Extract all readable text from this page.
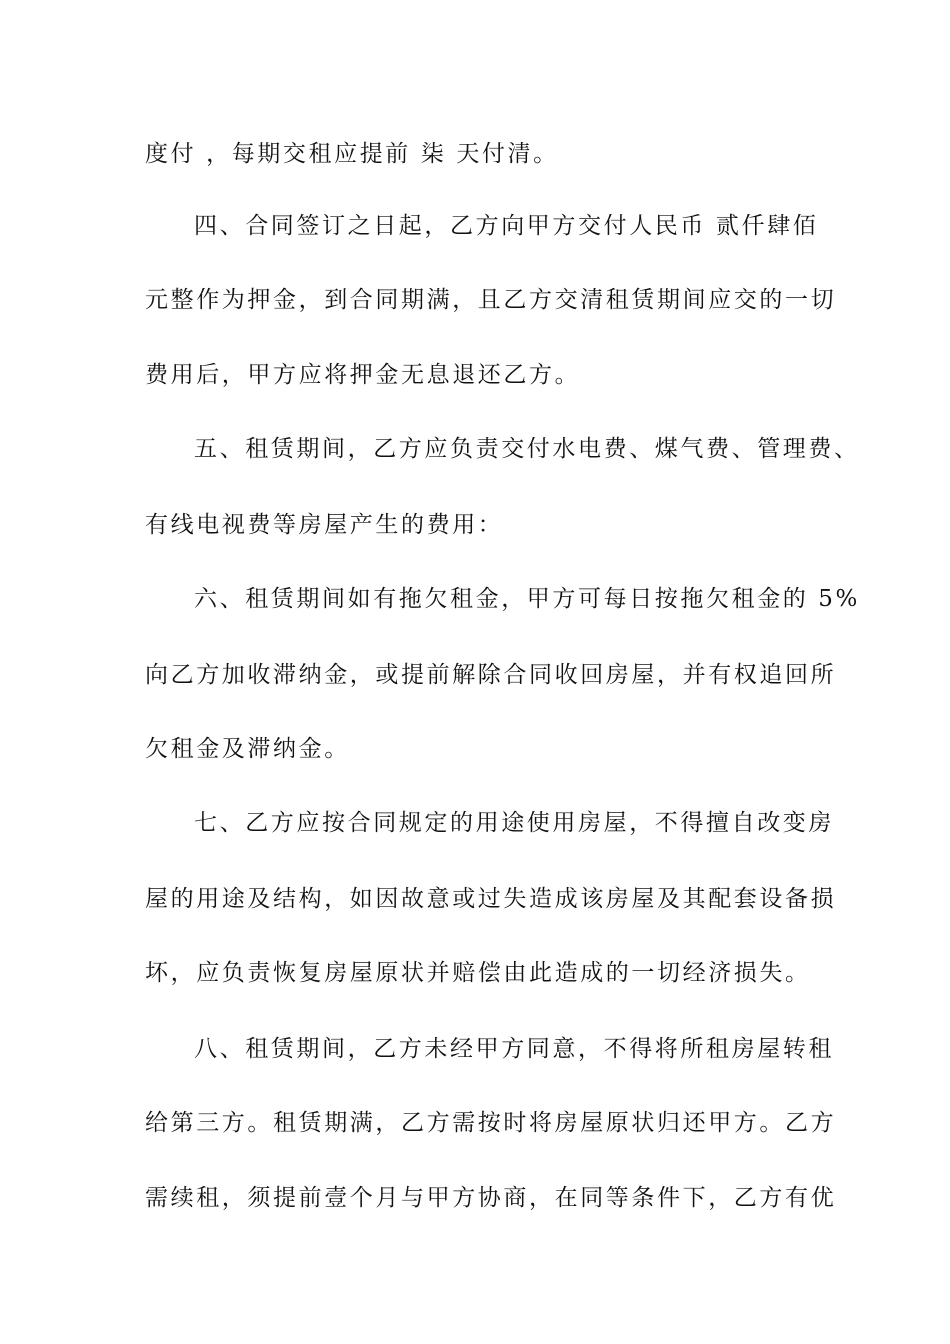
度付 ，每期交租应提前 柒 天付清。
四、合同签订之日起，乙方向甲方交付人民币 贰仟肆佰
元整作为押金，到合同期满，且乙方交清租赁期间应交的一切
费用后，甲方应将押金无息退还乙方。
五、租赁期间，乙方应负责交付水电费、煤气费、管理费、
有线电视费等房屋产生的费用：
六、租赁期间如有拖欠租金，甲方可每日按拖欠租金的 5%
向乙方加收滞纳金，或提前解除合同收回房屋，并有权追回所
欠租金及滞纳金。
七、乙方应按合同规定的用途使用房屋，不得擅自改变房
屋的用途及结构，如因故意或过失造成该房屋及其配套设备损
坏，应负责恢复房屋原状并赔偿由此造成的一切经济损失。
八、租赁期间，乙方未经甲方同意，不得将所租房屋转租
给第三方。租赁期满，乙方需按时将房屋原状归还甲方。乙方
需续租，须提前壹个月与甲方协商，在同等条件下，乙方有优
